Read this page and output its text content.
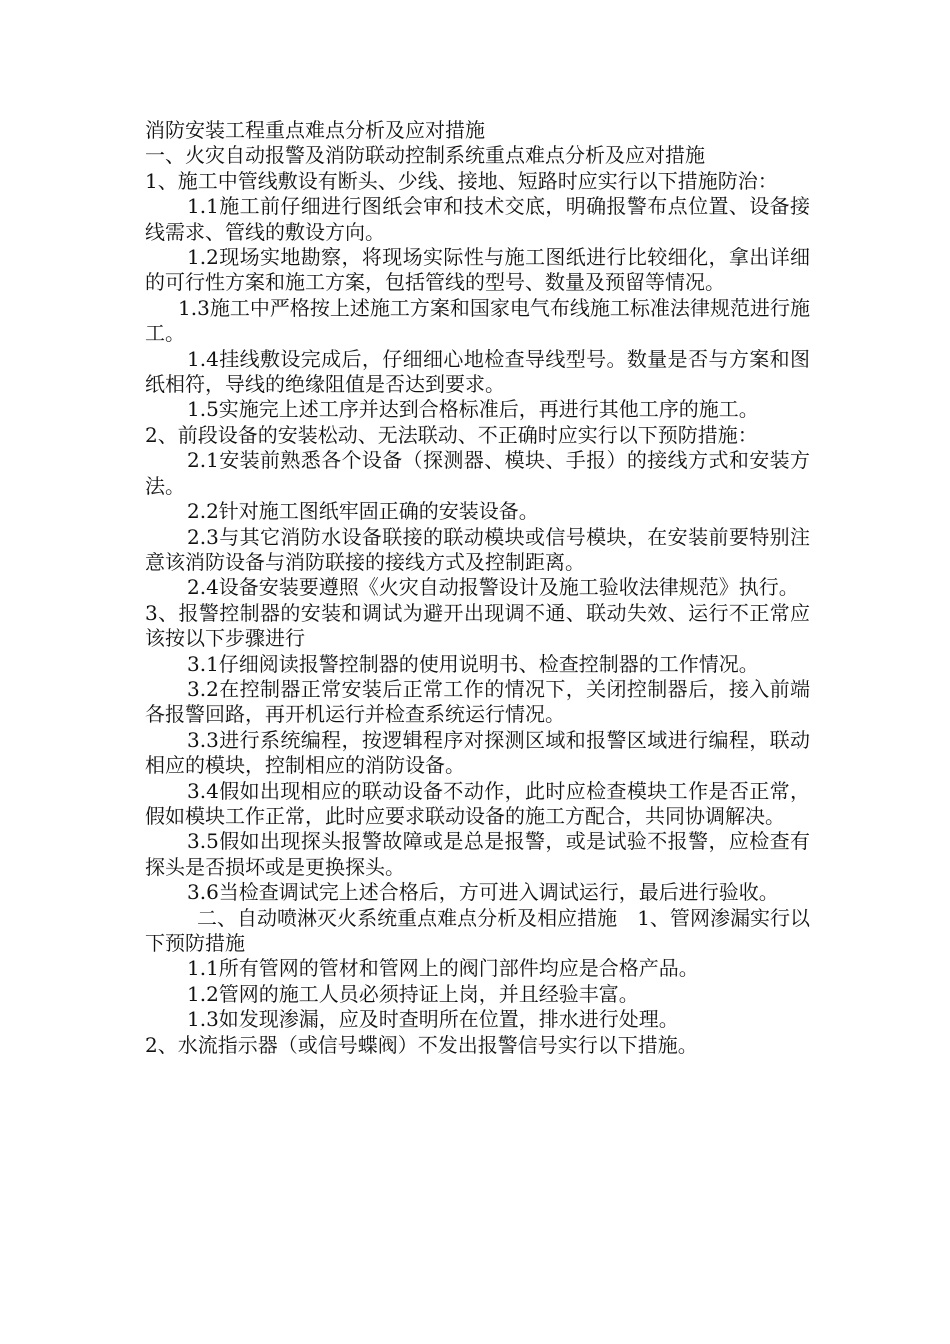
消防安装工程重点难点分析及应对措施

一、火灾自动报警及消防联动控制系统重点难点分析及应对措施

1、施工中管线敷设有断头、少线、接地、短路时应实行以下措施防治：

1.1施工前仔细进行图纸会审和技术交底，明确报警布点位置、设备接线需求、管线的敷设方向。

1.2现场实地勘察，将现场实际性与施工图纸进行比较细化，拿出详细的可行性方案和施工方案，包括管线的型号、数量及预留等情况。

1.3施工中严格按上述施工方案和国家电气布线施工标准法律规范进行施工。

1.4挂线敷设完成后，仔细细心地检查导线型号。数量是否与方案和图纸相符，导线的绝缘阻值是否达到要求。

1.5实施完上述工序并达到合格标准后，再进行其他工序的施工。

2、前段设备的安装松动、无法联动、不正确时应实行以下预防措施：

2.1安装前熟悉各个设备（探测器、模块、手报）的接线方式和安装方法。

2.2针对施工图纸牢固正确的安装设备。

2.3与其它消防水设备联接的联动模块或信号模块，在安装前要特别注意该消防设备与消防联接的接线方式及控制距离。

2.4设备安装要遵照《火灾自动报警设计及施工验收法律规范》执行。

3、报警控制器的安装和调试为避开出现调不通、联动失效、运行不正常应该按以下步骤进行

3.1仔细阅读报警控制器的使用说明书、检查控制器的工作情况。

3.2在控制器正常安装后正常工作的情况下，关闭控制器后，接入前端各报警回路，再开机运行并检查系统运行情况。

3.3进行系统编程，按逻辑程序对探测区域和报警区域进行编程，联动相应的模块，控制相应的消防设备。

3.4假如出现相应的联动设备不动作，此时应检查模块工作是否正常，假如模块工作正常，此时应要求联动设备的施工方配合，共同协调解决。

3.5假如出现探头报警故障或是总是报警，或是试验不报警，应检查有探头是否损坏或是更换探头。

3.6当检查调试完上述合格后，方可进入调试运行，最后进行验收。

二、自动喷淋灭火系统重点难点分析及相应措施　1、管网渗漏实行以下预防措施

1.1所有管网的管材和管网上的阀门部件均应是合格产品。

1.2管网的施工人员必须持证上岗，并且经验丰富。

1.3如发现渗漏，应及时查明所在位置，排水进行处理。

2、水流指示器（或信号蝶阀）不发出报警信号实行以下措施。
